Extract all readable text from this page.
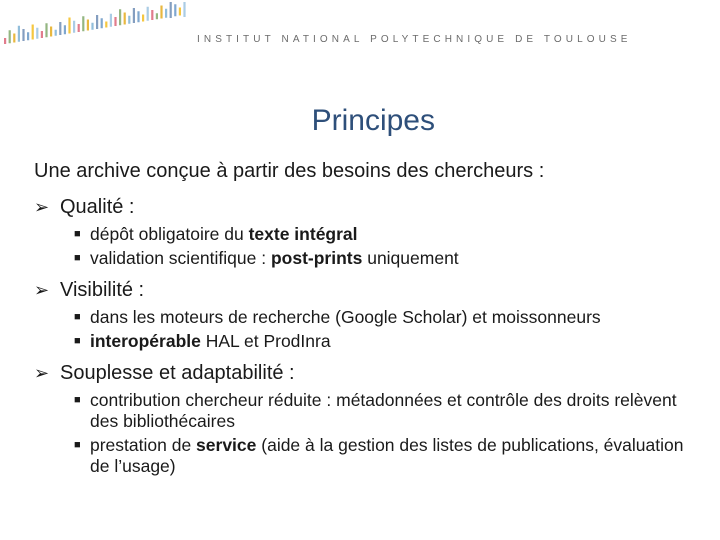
INSTITUT NATIONAL POLYTECHNIQUE DE TOULOUSE
Principes

Une archive conçue à partir des besoins des chercheurs :

➢ Qualité :
■ dépôt obligatoire du texte intégral
■ validation scientifique : post-prints uniquement
➢ Visibilité :
■ dans les moteurs de recherche (Google Scholar) et moissonneurs
■ interopérable HAL et ProdInra
➢ Souplesse et adaptabilité :
■ contribution chercheur réduite : métadonnées et contrôle des droits relèvent des bibliothécaires
■ prestation de service (aide à la gestion des listes de publications, évaluation de l’usage)
